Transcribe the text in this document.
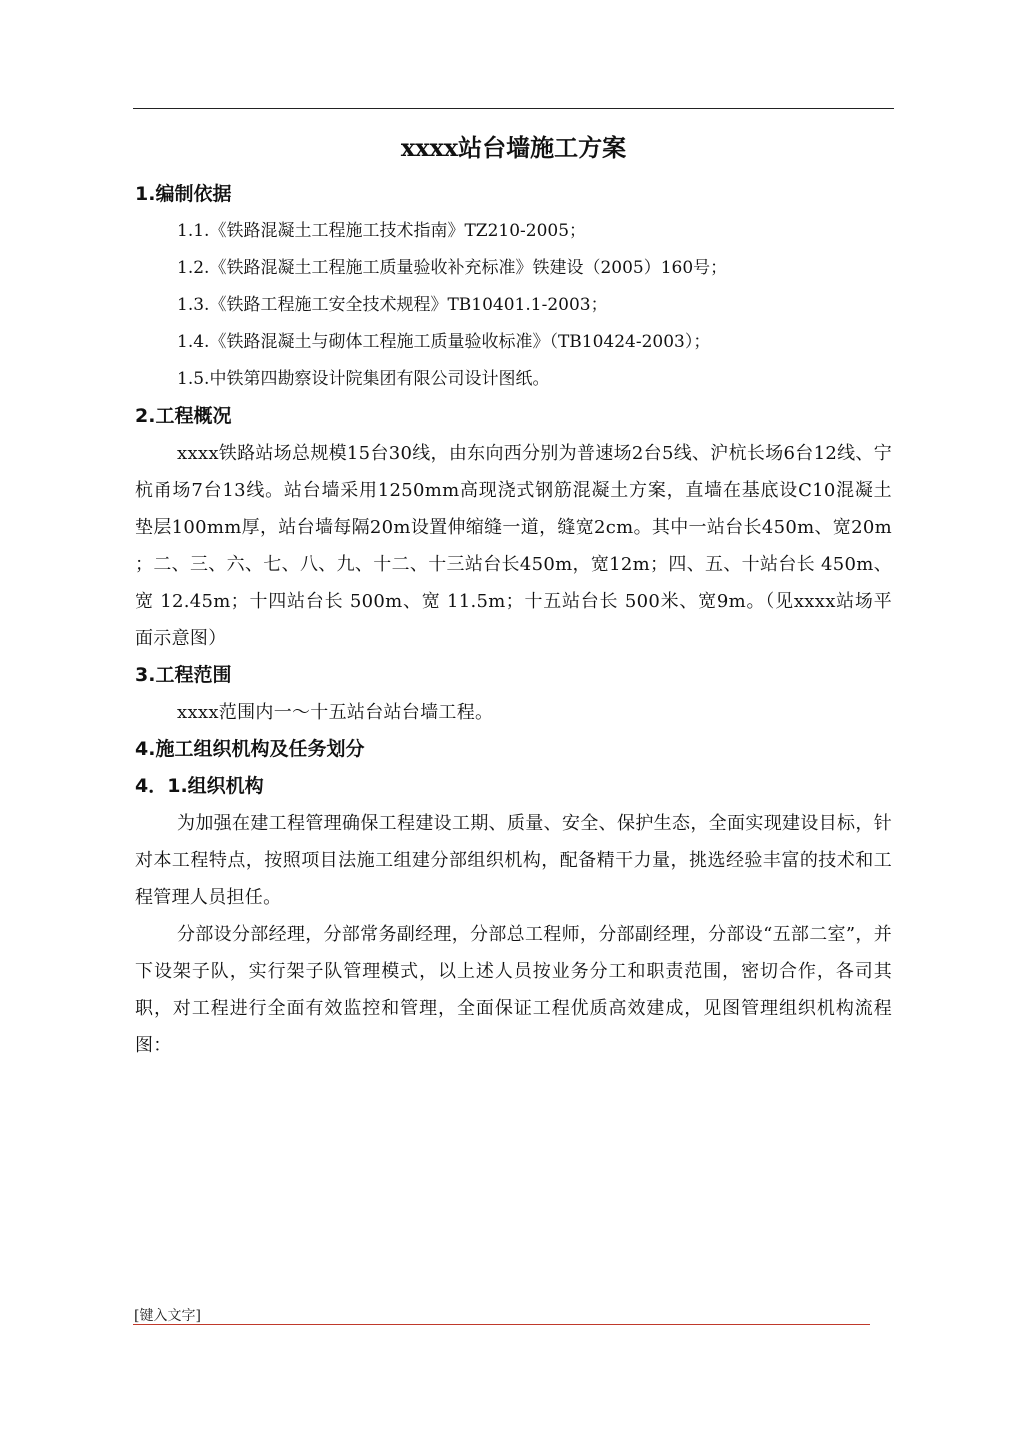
xxxx站台墙施工方案

1.编制依据

1.1.《铁路混凝土工程施工技术指南》TZ210-2005；

1.2.《铁路混凝土工程施工质量验收补充标准》铁建设（2005）160号；

1.3.《铁路工程施工安全技术规程》TB10401.1-2003；

1.4.《铁路混凝土与砌体工程施工质量验收标准》（TB10424-2003）；

1.5.中铁第四勘察设计院集团有限公司设计图纸。

2.工程概况

xxxx铁路站场总规模15台30线，由东向西分别为普速场2台5线、沪杭长场6台12线、宁杭甬场7台13线。站台墙采用1250mm高现浇式钢筋混凝土方案，直墙在基底设C10混凝土垫层100mm厚，站台墙每隔20m设置伸缩缝一道，缝宽2cm。其中一站台长450m、宽20m ；二、三、六、七、八、九、十二、十三站台长450m，宽12m；四、五、十站台长 450m、宽 12.45m；十四站台长 500m、宽 11.5m；十五站台长 500米、宽9m。（见xxxx站场平面示意图）

3.工程范围

xxxx范围内一～十五站台站台墙工程。

4.施工组织机构及任务划分

4．1.组织机构

为加强在建工程管理确保工程建设工期、质量、安全、保护生态，全面实现建设目标，针对本工程特点，按照项目法施工组建分部组织机构，配备精干力量，挑选经验丰富的技术和工程管理人员担任。

分部设分部经理，分部常务副经理，分部总工程师，分部副经理，分部设“五部二室”，并下设架子队，实行架子队管理模式，以上述人员按业务分工和职责范围，密切合作，各司其职，对工程进行全面有效监控和管理，全面保证工程优质高效建成，见图管理组织机构流程图：

[键入文字]
